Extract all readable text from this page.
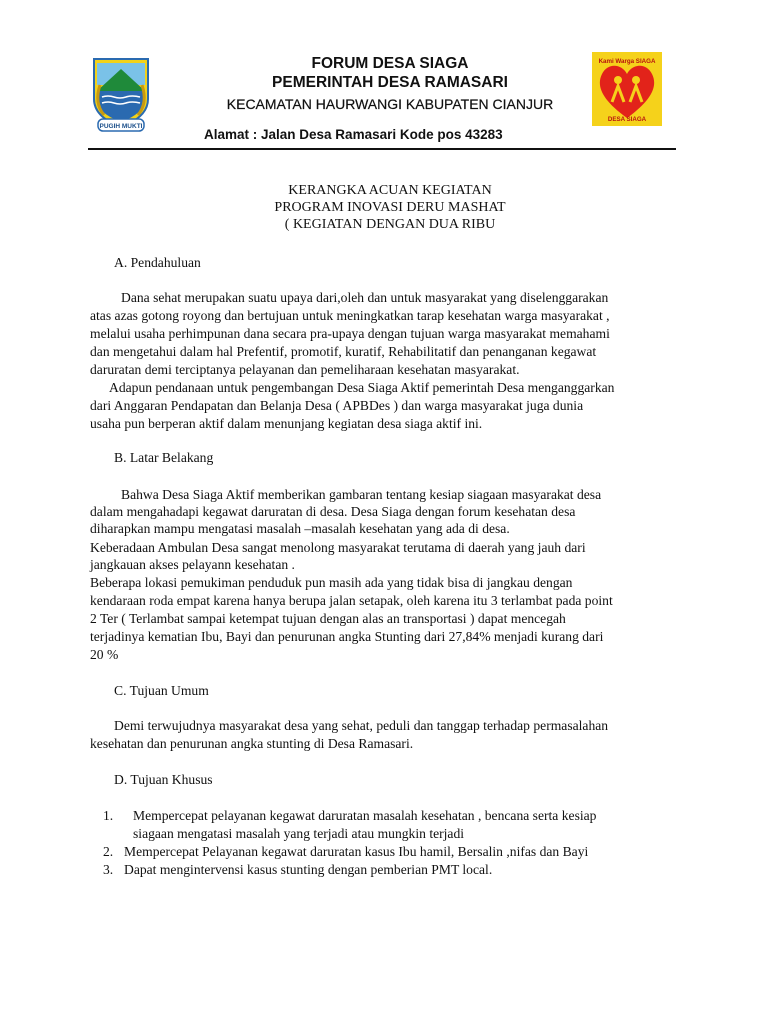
PUGIH MUKTI
Kami Warga SIAGA
DESA SIAGA
FORUM DESA SIAGA
PEMERINTAH DESA RAMASARI
KECAMATAN HAURWANGI KABUPATEN CIANJUR
Alamat : Jalan Desa Ramasari Kode pos 43283
KERANGKA ACUAN KEGIATAN
PROGRAM INOVASI DERU MASHAT
( KEGIATAN DENGAN DUA RIBU
A. Pendahuluan
Dana sehat merupakan suatu upaya dari,oleh dan untuk masyarakat yang diselenggarakan
atas azas gotong royong dan bertujuan untuk meningkatkan tarap kesehatan warga masyarakat ,
melalui usaha perhimpunan dana secara pra-upaya dengan tujuan warga masyarakat memahami
dan mengetahui dalam hal Prefentif, promotif, kuratif, Rehabilitatif dan penanganan kegawat
daruratan demi terciptanya pelayanan dan pemeliharaan kesehatan masyarakat.
Adapun pendanaan untuk pengembangan Desa Siaga Aktif pemerintah Desa menganggarkan
dari Anggaran Pendapatan dan Belanja Desa ( APBDes ) dan warga masyarakat juga dunia
usaha pun berperan aktif dalam menunjang kegiatan desa siaga aktif ini.
B. Latar Belakang
Bahwa Desa Siaga Aktif memberikan gambaran tentang kesiap siagaan masyarakat desa
dalam mengahadapi kegawat daruratan di desa. Desa Siaga dengan forum kesehatan desa
diharapkan mampu mengatasi masalah –masalah kesehatan yang ada di desa.
Keberadaan Ambulan Desa sangat menolong masyarakat terutama di daerah yang jauh dari
jangkauan akses pelayann kesehatan .
Beberapa lokasi pemukiman penduduk pun masih ada yang tidak bisa di jangkau dengan
kendaraan roda empat karena hanya berupa jalan setapak, oleh karena itu 3 terlambat pada point
2 Ter ( Terlambat sampai ketempat tujuan dengan alas an transportasi ) dapat mencegah
terjadinya kematian Ibu, Bayi dan penurunan angka Stunting dari 27,84% menjadi kurang dari
20 %
C. Tujuan Umum
Demi terwujudnya masyarakat desa yang sehat, peduli dan tanggap terhadap permasalahan
kesehatan dan penurunan angka stunting di Desa Ramasari.
D. Tujuan Khusus
1. Mempercepat pelayanan kegawat daruratan masalah kesehatan , bencana serta kesiap
siagaan mengatasi masalah yang terjadi atau mungkin terjadi
2. Mempercepat Pelayanan kegawat daruratan kasus Ibu hamil, Bersalin ,nifas dan Bayi
3. Dapat mengintervensi kasus stunting dengan pemberian PMT local.
